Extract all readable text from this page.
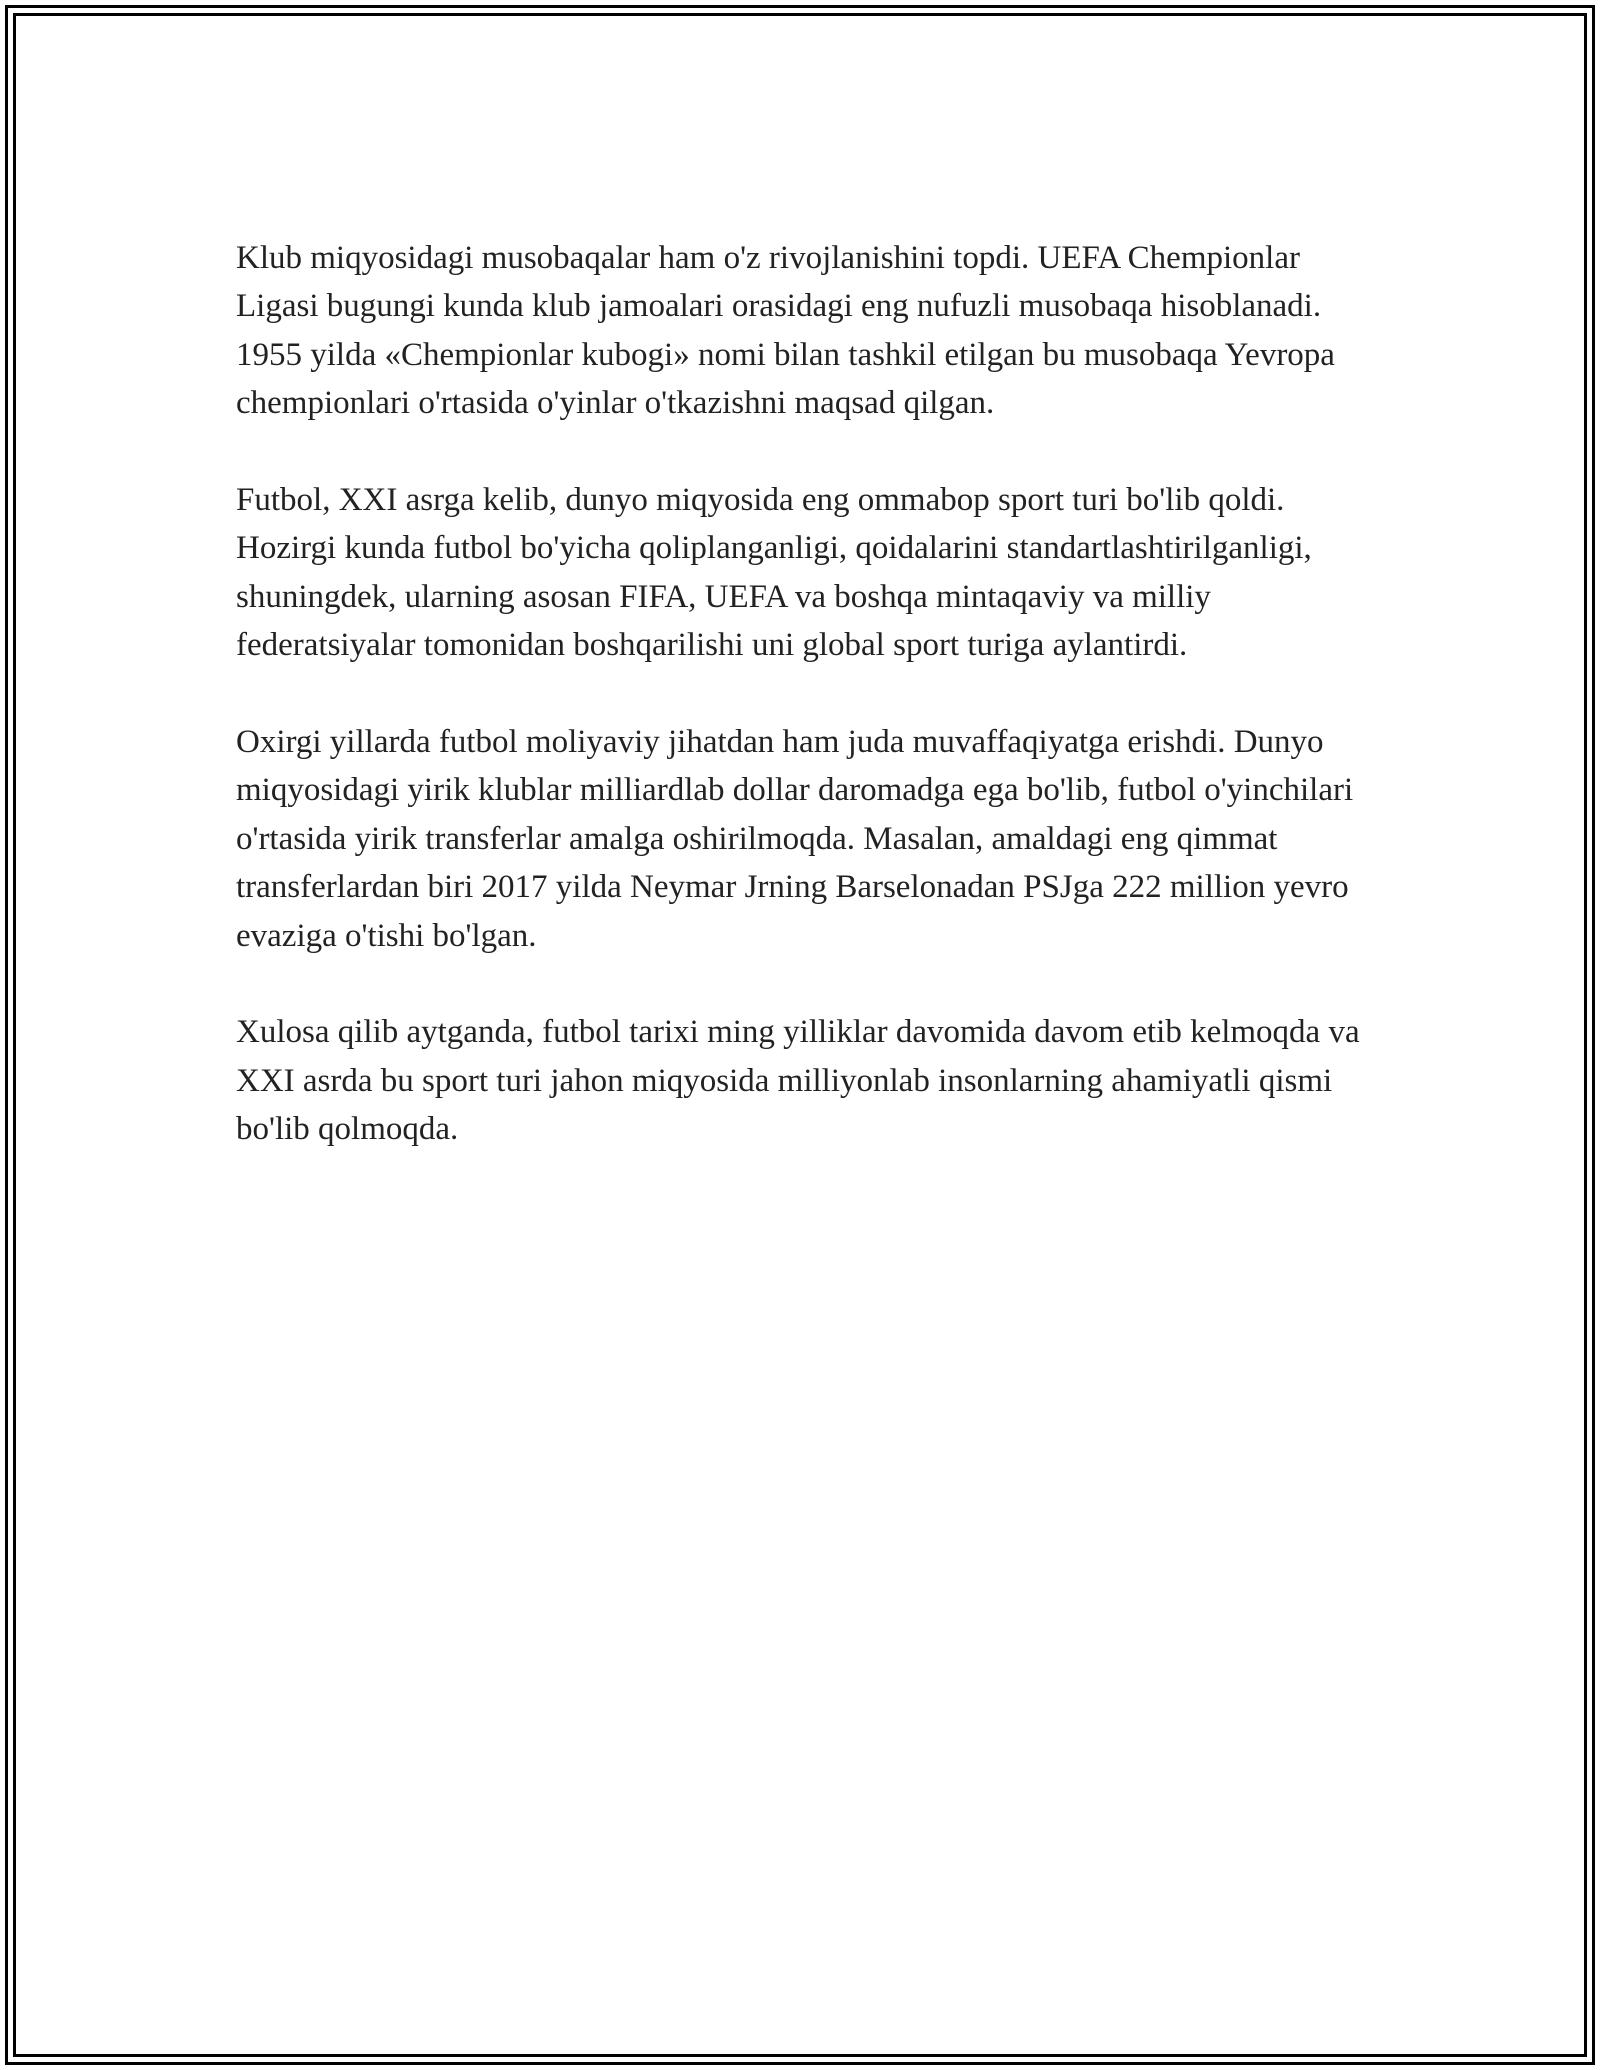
Klub miqyosidagi musobaqalar ham o'z rivojlanishini topdi. UEFA Chempionlar Ligasi bugungi kunda klub jamoalari orasidagi eng nufuzli musobaqa hisoblanadi. 1955 yilda «Chempionlar kubogi» nomi bilan tashkil etilgan bu musobaqa Yevropa chempionlari o'rtasida o'yinlar o'tkazishni maqsad qilgan.

Futbol, XXI asrga kelib, dunyo miqyosida eng ommabop sport turi bo'lib qoldi. Hozirgi kunda futbol bo'yicha qoliplanganligi, qoidalarini standartlashtirilganligi, shuningdek, ularning asosan FIFA, UEFA va boshqa mintaqaviy va milliy federatsiyalar tomonidan boshqarilishi uni global sport turiga aylantirdi.

Oxirgi yillarda futbol moliyaviy jihatdan ham juda muvaffaqiyatga erishdi. Dunyo miqyosidagi yirik klublar milliardlab dollar daromadga ega bo'lib, futbol o'yinchilari o'rtasida yirik transferlar amalga oshirilmoqda. Masalan, amaldagi eng qimmat transferlardan biri 2017 yilda Neymar Jrning Barselonadan PSJga 222 million yevro evaziga o'tishi bo'lgan.

Xulosa qilib aytganda, futbol tarixi ming yilliklar davomida davom etib kelmoqda va XXI asrda bu sport turi jahon miqyosida milliyonlab insonlarning ahamiyatli qismi bo'lib qolmoqda.
